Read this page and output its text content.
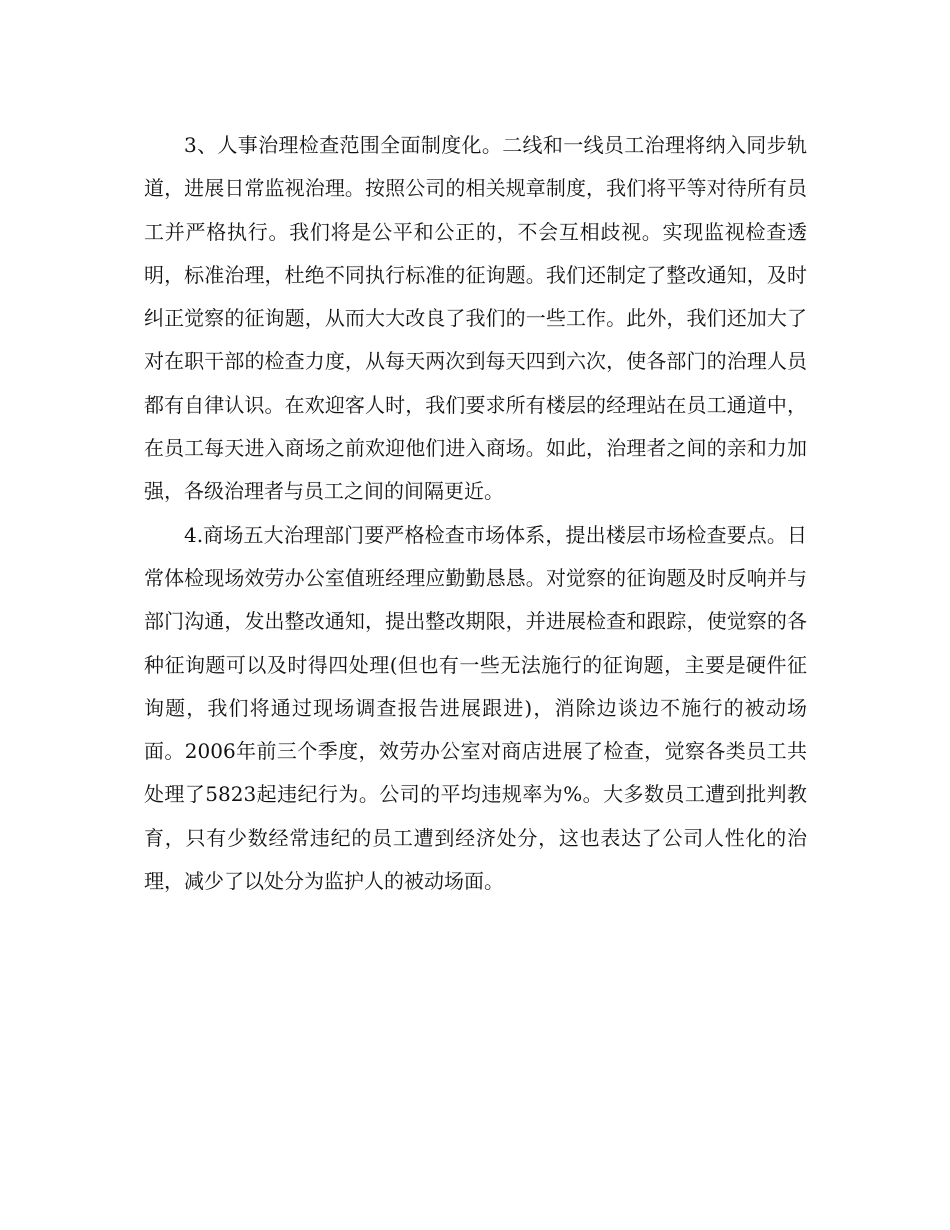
3、人事治理检查范围全面制度化。二线和一线员工治理将纳入同步轨道，进展日常监视治理。按照公司的相关规章制度，我们将平等对待所有员工并严格执行。我们将是公平和公正的，不会互相歧视。实现监视检查透明，标准治理，杜绝不同执行标准的征询题。我们还制定了整改通知，及时纠正觉察的征询题，从而大大改良了我们的一些工作。此外，我们还加大了对在职干部的检查力度，从每天两次到每天四到六次，使各部门的治理人员都有自律认识。在欢迎客人时，我们要求所有楼层的经理站在员工通道中，在员工每天进入商场之前欢迎他们进入商场。如此，治理者之间的亲和力加强，各级治理者与员工之间的间隔更近。

4.商场五大治理部门要严格检查市场体系，提出楼层市场检查要点。日常体检现场效劳办公室值班经理应勤勤恳恳。对觉察的征询题及时反响并与部门沟通，发出整改通知，提出整改期限，并进展检查和跟踪，使觉察的各种征询题可以及时得四处理(但也有一些无法施行的征询题，主要是硬件征询题，我们将通过现场调查报告进展跟进)，消除边谈边不施行的被动场面。2006年前三个季度，效劳办公室对商店进展了检查，觉察各类员工共处理了5823起违纪行为。公司的平均违规率为%。大多数员工遭到批判教育，只有少数经常违纪的员工遭到经济处分，这也表达了公司人性化的治理，减少了以处分为监护人的被动场面。
